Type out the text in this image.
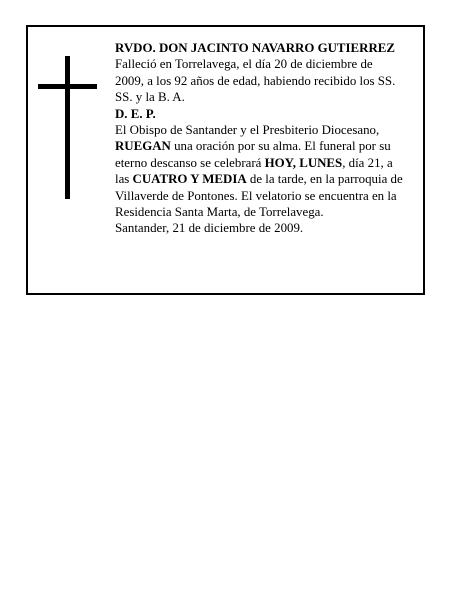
RVDO. DON JACINTO NAVARRO GUTIERREZ
Falleció en Torrelavega, el día 20 de diciembre de
2009, a los 92 años de edad, habiendo recibido los SS.
SS. y la B. A.
D. E. P.
El Obispo de Santander y el Presbiterio Diocesano,
RUEGAN una oración por su alma. El funeral por su
eterno descanso se celebrará HOY, LUNES, día 21, a
las CUATRO Y MEDIA de la tarde, en la parroquia de
Villaverde de Pontones. El velatorio se encuentra en la
Residencia Santa Marta, de Torrelavega.
Santander, 21 de diciembre de 2009.
